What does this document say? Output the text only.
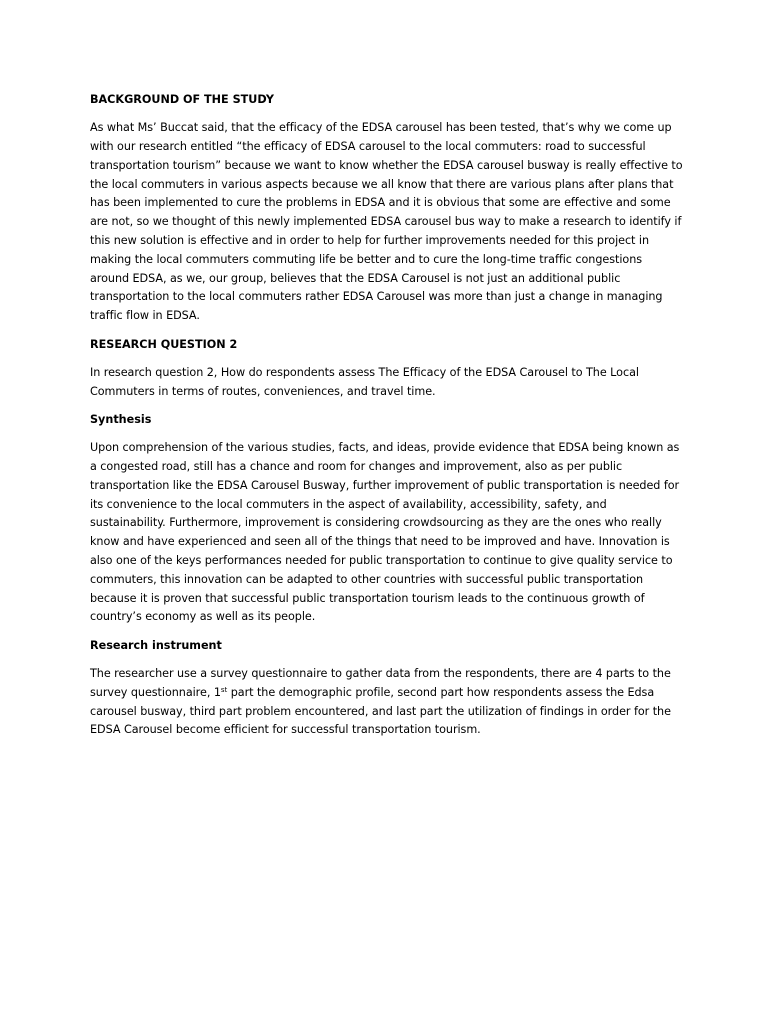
BACKGROUND OF THE STUDY

As what Ms’ Buccat said, that the efficacy of the EDSA carousel has been tested, that’s why we come up with our research entitled “the efficacy of EDSA carousel to the local commuters: road to successful transportation tourism” because we want to know whether the EDSA carousel busway is really effective to the local commuters in various aspects because we all know that there are various plans after plans that has been implemented to cure the problems in EDSA and it is obvious that some are effective and some are not, so we thought of this newly implemented EDSA carousel bus way to make a research to identify if this new solution is effective and in order to help for further improvements needed for this project in making the local commuters commuting life be better and to cure the long-time traffic congestions around EDSA, as we, our group, believes that the EDSA Carousel is not just an additional public transportation to the local commuters rather EDSA Carousel was more than just a change in managing traffic flow in EDSA.

RESEARCH QUESTION 2

In research question 2, How do respondents assess The Efficacy of the EDSA Carousel to The Local Commuters in terms of routes, conveniences, and travel time.

Synthesis

Upon comprehension of the various studies, facts, and ideas, provide evidence that EDSA being known as a congested road, still has a chance and room for changes and improvement, also as per public transportation like the EDSA Carousel Busway, further improvement of public transportation is needed for its convenience to the local commuters in the aspect of availability, accessibility, safety, and sustainability. Furthermore, improvement is considering crowdsourcing as they are the ones who really know and have experienced and seen all of the things that need to be improved and have. Innovation is also one of the keys performances needed for public transportation to continue to give quality service to commuters, this innovation can be adapted to other countries with successful public transportation because it is proven that successful public transportation tourism leads to the continuous growth of country’s economy as well as its people.

Research instrument

The researcher use a survey questionnaire to gather data from the respondents, there are 4 parts to the survey questionnaire, 1st part the demographic profile, second part how respondents assess the Edsa carousel busway, third part problem encountered, and last part the utilization of findings in order for the EDSA Carousel become efficient for successful transportation tourism.
